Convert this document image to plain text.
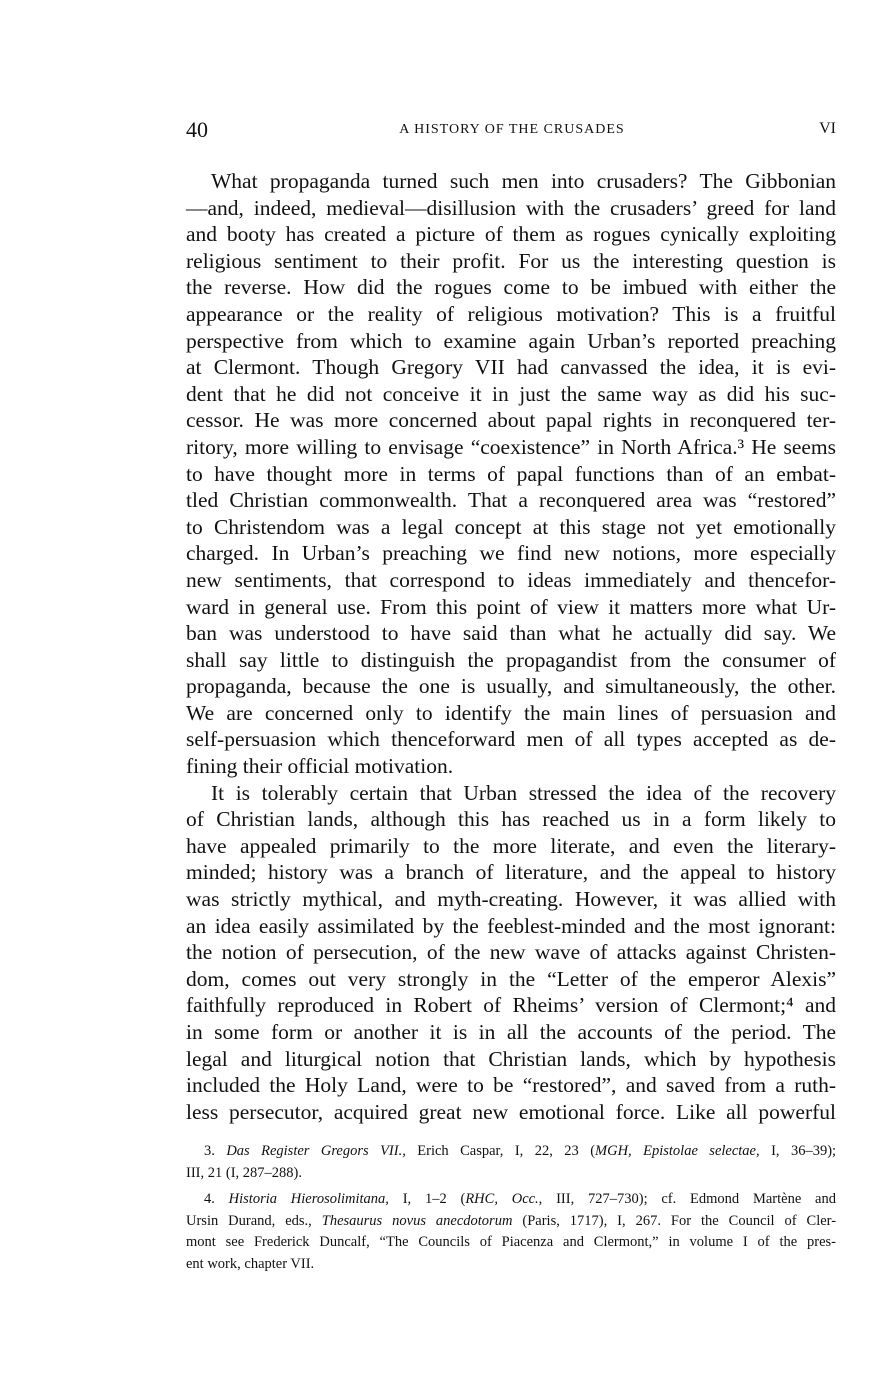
40	A HISTORY OF THE CRUSADES	VI
What propaganda turned such men into crusaders? The Gibbonian
—and, indeed, medieval—disillusion with the crusaders’ greed for land
and booty has created a picture of them as rogues cynically exploiting
religious sentiment to their profit. For us the interesting question is
the reverse. How did the rogues come to be imbued with either the
appearance or the reality of religious motivation? This is a fruitful
perspective from which to examine again Urban’s reported preaching
at Clermont. Though Gregory VII had canvassed the idea, it is evi-
dent that he did not conceive it in just the same way as did his suc-
cessor. He was more concerned about papal rights in reconquered ter-
ritory, more willing to envisage “coexistence” in North Africa.³ He seems
to have thought more in terms of papal functions than of an embat-
tled Christian commonwealth. That a reconquered area was “restored”
to Christendom was a legal concept at this stage not yet emotionally
charged. In Urban’s preaching we find new notions, more especially
new sentiments, that correspond to ideas immediately and thencefor-
ward in general use. From this point of view it matters more what Ur-
ban was understood to have said than what he actually did say. We
shall say little to distinguish the propagandist from the consumer of
propaganda, because the one is usually, and simultaneously, the other.
We are concerned only to identify the main lines of persuasion and
self-persuasion which thenceforward men of all types accepted as de-
fining their official motivation.
It is tolerably certain that Urban stressed the idea of the recovery
of Christian lands, although this has reached us in a form likely to
have appealed primarily to the more literate, and even the literary-
minded; history was a branch of literature, and the appeal to history
was strictly mythical, and myth-creating. However, it was allied with
an idea easily assimilated by the feeblest-minded and the most ignorant:
the notion of persecution, of the new wave of attacks against Christen-
dom, comes out very strongly in the “Letter of the emperor Alexis”
faithfully reproduced in Robert of Rheims’ version of Clermont;⁴ and
in some form or another it is in all the accounts of the period. The
legal and liturgical notion that Christian lands, which by hypothesis
included the Holy Land, were to be “restored”, and saved from a ruth-
less persecutor, acquired great new emotional force. Like all powerful
3. Das Register Gregors VII., Erich Caspar, I, 22, 23 (MGH, Epistolae selectae, I, 36–39);
III, 21 (I, 287–288).
4. Historia Hierosolimitana, I, 1–2 (RHC, Occ., III, 727–730); cf. Edmond Martène and
Ursin Durand, eds., Thesaurus novus anecdotorum (Paris, 1717), I, 267. For the Council of Cler-
mont see Frederick Duncalf, “The Councils of Piacenza and Clermont,” in volume I of the pres-
ent work, chapter VII.
